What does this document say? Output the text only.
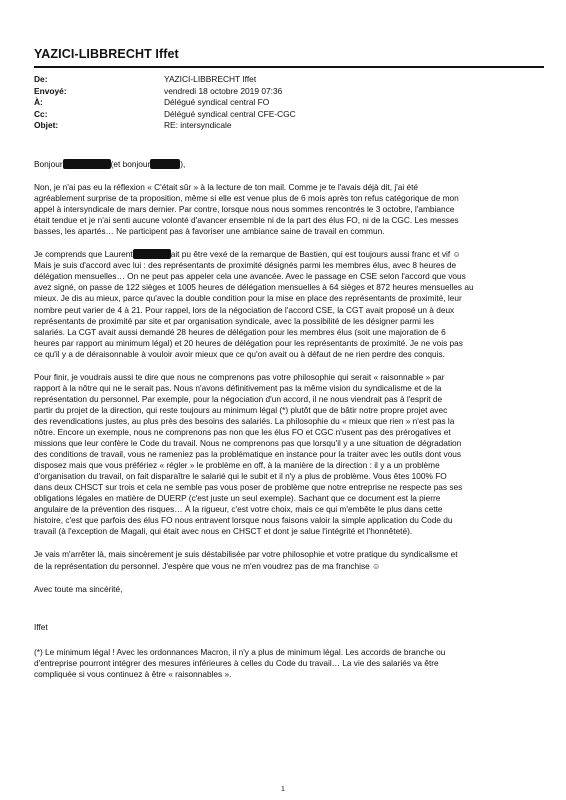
YAZICI-LIBBRECHT Iffet
De:	YAZICI-LIBBRECHT Iffet
Envoyé:	vendredi 18 octobre 2019 07:36
À:	Délégué syndical central FO
Cc:	Délégué syndical central CFE-CGC
Objet:	RE: intersyndicale

Bonjour	(et bonjour	),

Non, je n'ai pas eu la réflexion « C'était sûr » à la lecture de ton mail. Comme je te l'avais déjà dit, j'ai été
agréablement surprise de ta proposition, même si elle est venue plus de 6 mois après ton refus catégorique de mon
appel à intersyndicale de mars dernier. Par contre, lorsque nous nous sommes rencontrés le 3 octobre, l'ambiance
était tendue et je n'ai senti aucune volonté d'avancer ensemble ni de la part des élus FO, ni de la CGC. Les messes
basses, les apartés… Ne participent pas à favoriser une ambiance saine de travail en commun.

Je comprends que Laurent	ait pu être vexé de la remarque de Bastien, qui est toujours aussi franc et vif ☺
Mais je suis d'accord avec lui : des représentants de proximité désignés parmi les membres élus, avec 8 heures de
délégation mensuelles… On ne peut pas appeler cela une avancée. Avec le passage en CSE selon l'accord que vous
avez signé, on passe de 122 sièges et 1005 heures de délégation mensuelles à 64 sièges et 872 heures mensuelles au
mieux. Je dis au mieux, parce qu'avec la double condition pour la mise en place des représentants de proximité, leur
nombre peut varier de 4 à 21. Pour rappel, lors de la négociation de l'accord CSE, la CGT avait proposé un à deux
représentants de proximité par site et par organisation syndicale, avec la possibilité de les désigner parmi les
salariés. La CGT avait aussi demandé 28 heures de délégation pour les membres élus (soit une majoration de 6
heures par rapport au minimum légal) et 20 heures de délégation pour les représentants de proximité. Je ne vois pas
ce qu'il y a de déraisonnable à vouloir avoir mieux que ce qu'on avait ou à défaut de ne rien perdre des conquis.

Pour finir, je voudrais aussi te dire que nous ne comprenons pas votre philosophie qui serait « raisonnable » par
rapport à la nôtre qui ne le serait pas. Nous n'avons définitivement pas la même vision du syndicalisme et de la
représentation du personnel. Par exemple, pour la négociation d'un accord, il ne nous viendrait pas à l'esprit de
partir du projet de la direction, qui reste toujours au minimum légal (*) plutôt que de bâtir notre propre projet avec
des revendications justes, au plus près des besoins des salariés. La philosophie du « mieux que rien » n'est pas la
nôtre. Encore un exemple, nous ne comprenons pas non que les élus FO et CGC n'usent pas des prérogatives et
missions que leur confère le Code du travail. Nous ne comprenons pas que lorsqu'il y a une situation de dégradation
des conditions de travail, vous ne rameniez pas la problématique en instance pour la traiter avec les outils dont vous
disposez mais que vous préfériez « régler » le problème en off, à la manière de la direction : il y a un problème
d'organisation du travail, on fait disparaître le salarié qui le subit et il n'y a plus de problème. Vous êtes 100% FO
dans deux CHSCT sur trois et cela ne semble pas vous poser de problème que notre entreprise ne respecte pas ses
obligations légales en matière de DUERP (c'est juste un seul exemple). Sachant que ce document est la pierre
angulaire de la prévention des risques… À la rigueur, c'est votre choix, mais ce qui m'embête le plus dans cette
histoire, c'est que parfois des élus FO nous entravent lorsque nous faisons valoir la simple application du Code du
travail (à l'exception de Magali, qui était avec nous en CHSCT et dont je salue l'intégrité et l'honnêteté).

Je vais m'arrêter là, mais sincèrement je suis déstabilisée par votre philosophie et votre pratique du syndicalisme et
de la représentation du personnel. J'espère que vous ne m'en voudrez pas de ma franchise ☺

Avec toute ma sincérité,

Iffet

(*) Le minimum légal ! Avec les ordonnances Macron, il n'y a plus de minimum légal. Les accords de branche ou
d'entreprise pourront intégrer des mesures inférieures à celles du Code du travail… La vie des salariés va être
compliquée si vous continuez à être « raisonnables ».

1
